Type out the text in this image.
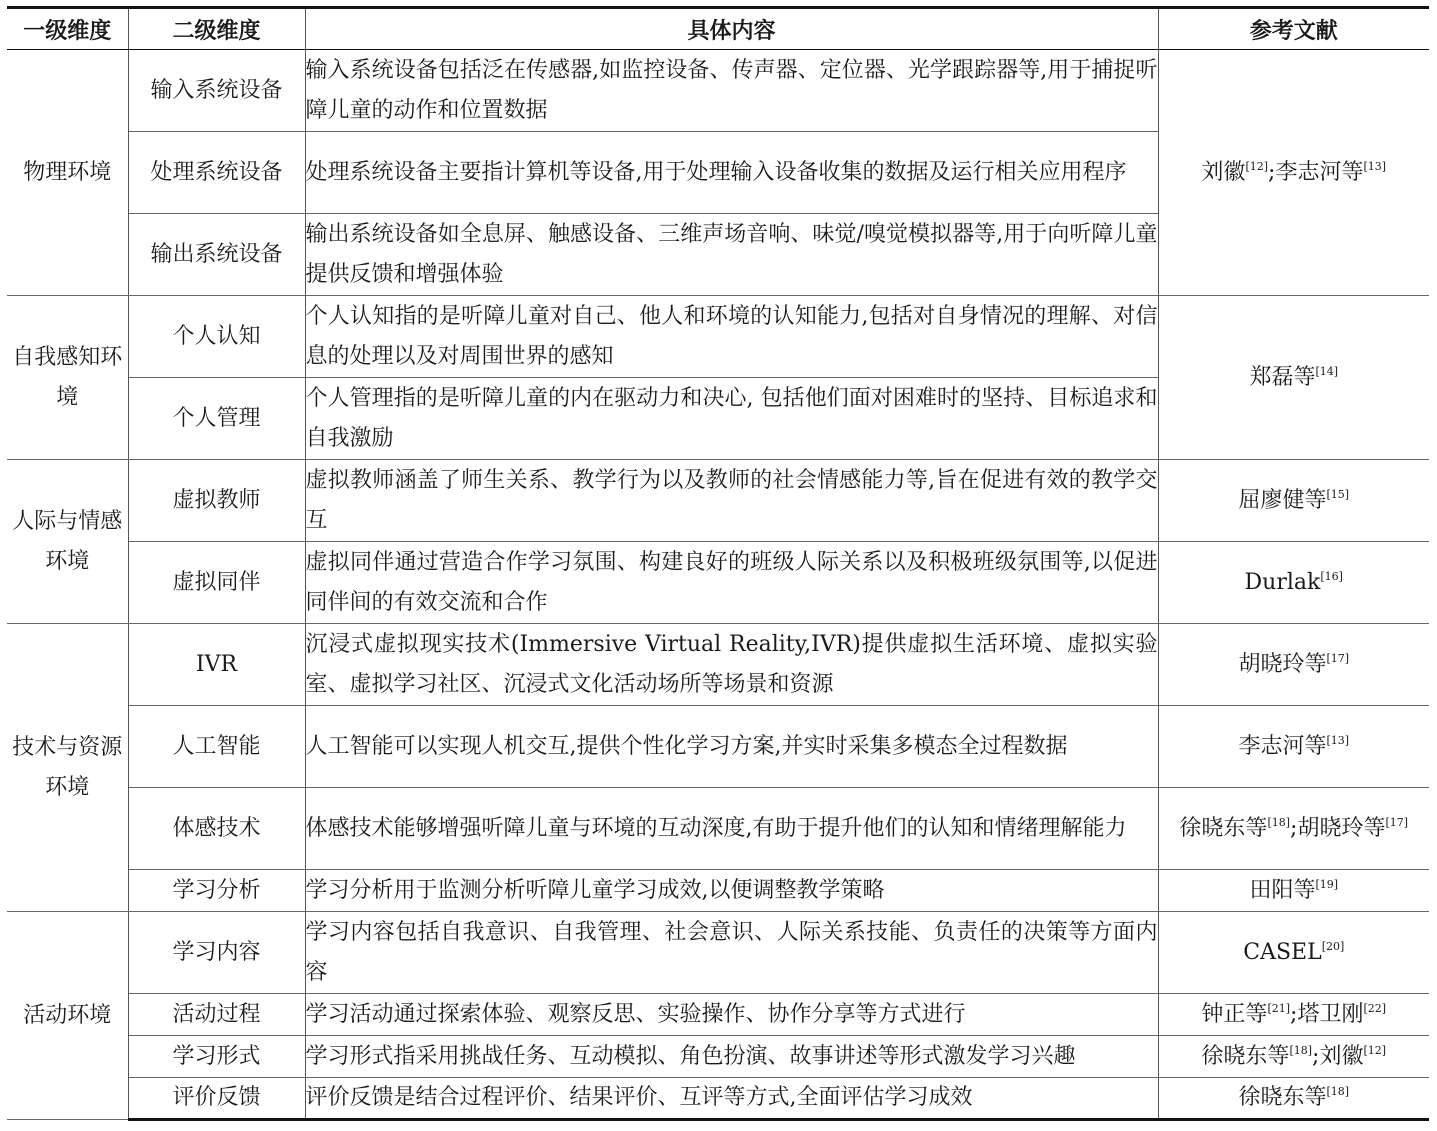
一级维度	二级维度	具体内容	参考文献
物理环境	输入系统设备	输入系统设备包括泛在传感器,如监控设备、传声器、定位器、光学跟踪器等,用于捕捉听障儿童的动作和位置数据	刘徽[12];李志河等[13]
	处理系统设备	处理系统设备主要指计算机等设备,用于处理输入设备收集的数据及运行相关应用程序	
	输出系统设备	输出系统设备如全息屏、触感设备、三维声场音响、味觉/嗅觉模拟器等,用于向听障儿童提供反馈和增强体验	
自我感知环境	个人认知	个人认知指的是听障儿童对自己、他人和环境的认知能力,包括对自身情况的理解、对信息的处理以及对周围世界的感知	郑磊等[14]
	个人管理	个人管理指的是听障儿童的内在驱动力和决心, 包括他们面对困难时的坚持、目标追求和自我激励	
人际与情感环境	虚拟教师	虚拟教师涵盖了师生关系、教学行为以及教师的社会情感能力等,旨在促进有效的教学交互	屈廖健等[15]
	虚拟同伴	虚拟同伴通过营造合作学习氛围、构建良好的班级人际关系以及积极班级氛围等,以促进同伴间的有效交流和合作	Durlak[16]
技术与资源环境	IVR	沉浸式虚拟现实技术(Immersive Virtual Reality,IVR)提供虚拟生活环境、虚拟实验室、虚拟学习社区、沉浸式文化活动场所等场景和资源	胡晓玲等[17]
	人工智能	人工智能可以实现人机交互,提供个性化学习方案,并实时采集多模态全过程数据	李志河等[13]
	体感技术	体感技术能够增强听障儿童与环境的互动深度,有助于提升他们的认知和情绪理解能力	徐晓东等[18];胡晓玲等[17]
	学习分析	学习分析用于监测分析听障儿童学习成效,以便调整教学策略	田阳等[19]
活动环境	学习内容	学习内容包括自我意识、自我管理、社会意识、人际关系技能、负责任的决策等方面内容	CASEL[20]
	活动过程	学习活动通过探索体验、观察反思、实验操作、协作分享等方式进行	钟正等[21];塔卫刚[22]
	学习形式	学习形式指采用挑战任务、互动模拟、角色扮演、故事讲述等形式激发学习兴趣	徐晓东等[18];刘徽[12]
	评价反馈	评价反馈是结合过程评价、结果评价、互评等方式,全面评估学习成效	徐晓东等[18]
